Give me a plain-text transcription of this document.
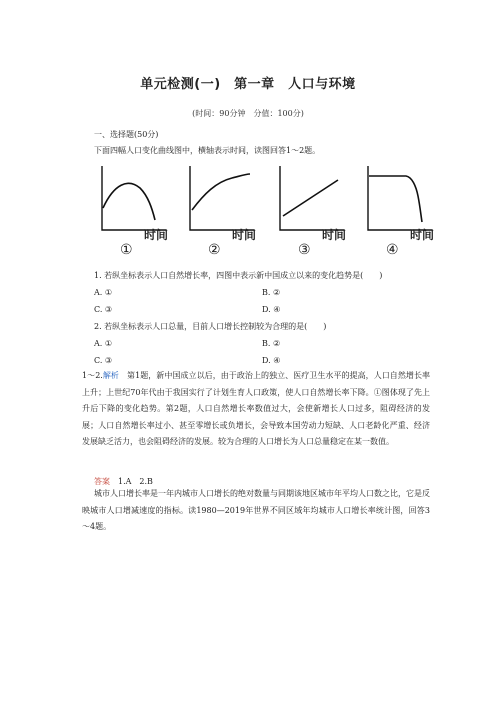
单元检测(一)　第一章　人口与环境
(时间：90分钟　分值：100分)
一、选择题(50分)
下面四幅人口变化曲线图中，横轴表示时间，读图回答1～2题。
时间
①
时间
②
时间
③
时间
④
1. 若纵坐标表示人口自然增长率，四图中表示新中国成立以来的变化趋势是(　　)
A. ①	B. ②
C. ③	D. ④
2. 若纵坐标表示人口总量，目前人口增长控制较为合理的是(　　)
A. ①	B. ②
C. ③	D. ④
1～2.解析　 第1题，新中国成立以后，由于政治上的独立、医疗卫生水平的提高，人口自然增长率上升；上世纪70年代由于我国实行了计划生育人口政策，使人口自然增长率下降。①图体现了先上升后下降的变化趋势。第2题，人口自然增长率数值过大，会使新增长人口过多，阻碍经济的发展；人口自然增长率过小、甚至零增长或负增长，会导致本国劳动力短缺、人口老龄化严重、经济发展缺乏活力，也会阻碍经济的发展。较为合理的人口增长为人口总量稳定在某一数值。
答案　 1.A　2.B
城市人口增长率是一年内城市人口增长的绝对数量与同期该地区城市年平均人口数之比，它是反映城市人口增减速度的指标。读1980—2019年世界不同区域年均城市人口增长率统计图，回答3～4题。
